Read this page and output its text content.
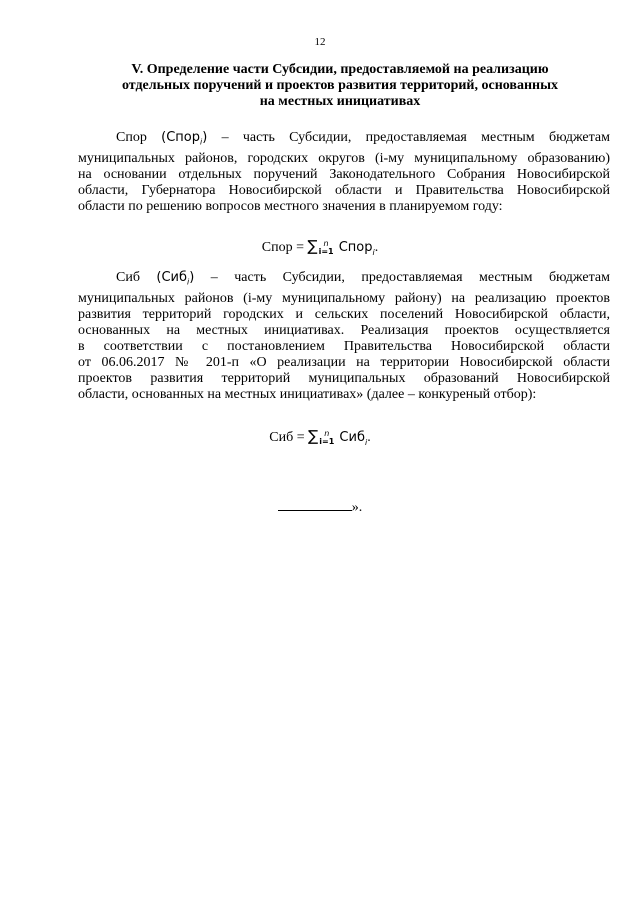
12
V. Определение части Субсидии, предоставляемой на реализацию
отдельных поручений и проектов развития территорий, основанных
на местных инициативах
Спор (Спор$_i$) – часть Субсидии, предоставляемая местным бюджетам
муниципальных районов, городских округов (i-му муниципальному образованию)
на основании отдельных поручений Законодательного Собрания Новосибирской
области, Губернатора Новосибирской области и Правительства Новосибирской
области по решению вопросов местного значения в планируемом году:
Спор = ∑ n
i=1 Спор$_i$.
Сиб (Сиб$_i$) – часть Субсидии, предоставляемая местным бюджетам
муниципальных районов (i-му муниципальному району) на реализацию проектов
развития территорий городских и сельских поселений Новосибирской области,
основанных на местных инициативах. Реализация проектов осуществляется
в соответствии с постановлением Правительства Новосибирской области
от 06.06.2017 № 201-п «О реализации на территории Новосибирской области
проектов развития территорий муниципальных образований Новосибирской
области, основанных на местных инициативах» (далее – конкуреный отбор):
Сиб = ∑ n
i=1 Сиб$_i$.
».
